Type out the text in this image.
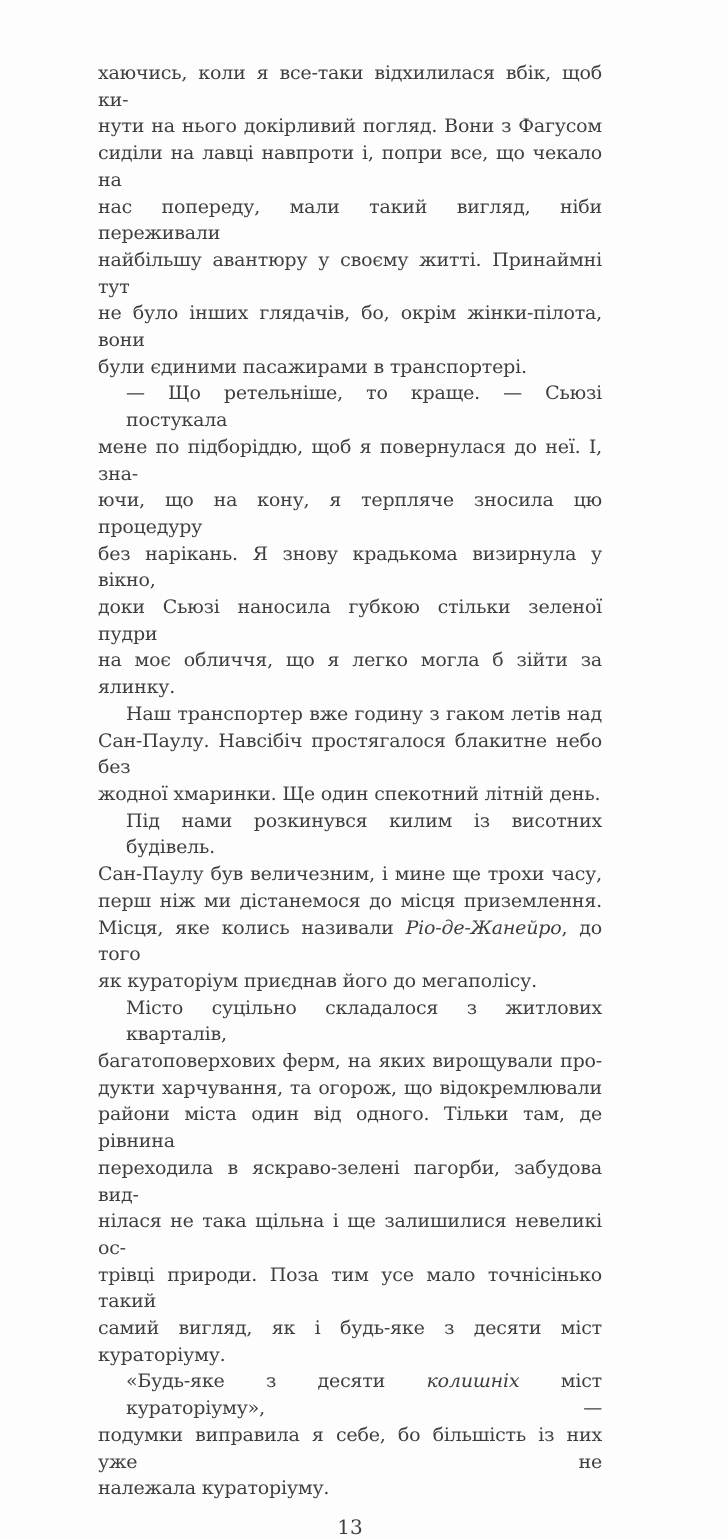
хаючись, коли я все-таки відхилилася вбік, щоб ки-
нути на нього докірливий погляд. Вони з Фагусом
сиділи на лавці навпроти і, попри все, що чекало на
нас попереду, мали такий вигляд, ніби переживали
найбільшу авантюру у своєму житті. Принаймні тут
не було інших глядачів, бо, окрім жінки-пілота, вони
були єдиними пасажирами в транспортері.
— Що ретельніше, то краще. — Сьюзі постукала
мене по підборіддю, щоб я повернулася до неї. І, зна-
ючи, що на кону, я терпляче зносила цю процедуру
без нарікань. Я знову крадькома визирнула у вікно,
доки Сьюзі наносила губкою стільки зеленої пудри
на моє обличчя, що я легко могла б зійти за ялинку.
Наш транспортер вже годину з гаком летів над
Сан-Паулу. Навсібіч простягалося блакитне небо без
жодної хмаринки. Ще один спекотний літній день.
Під нами розкинувся килим із висотних будівель.
Сан-Паулу був величезним, і мине ще трохи часу,
перш ніж ми дістанемося до місця приземлення.
Місця, яке колись називали Ріо-де-Жанейро, до того
як кураторіум приєднав його до мегаполісу.
Місто суцільно складалося з житлових кварталів,
багатоповерхових ферм, на яких вирощували про-
дукти харчування, та огорож, що відокремлювали
райони міста один від одного. Тільки там, де рівнина
переходила в яскраво-зелені пагорби, забудова вид-
нілася не така щільна і ще залишилися невеликі ос-
трівці природи. Поза тим усе мало точнісінько такий
самий вигляд, як і будь-яке з десяти міст кураторіуму.
«Будь-яке з десяти колишніх міст кураторіуму», —
подумки виправила я себе, бо більшість із них уже не
належала кураторіуму.
13
